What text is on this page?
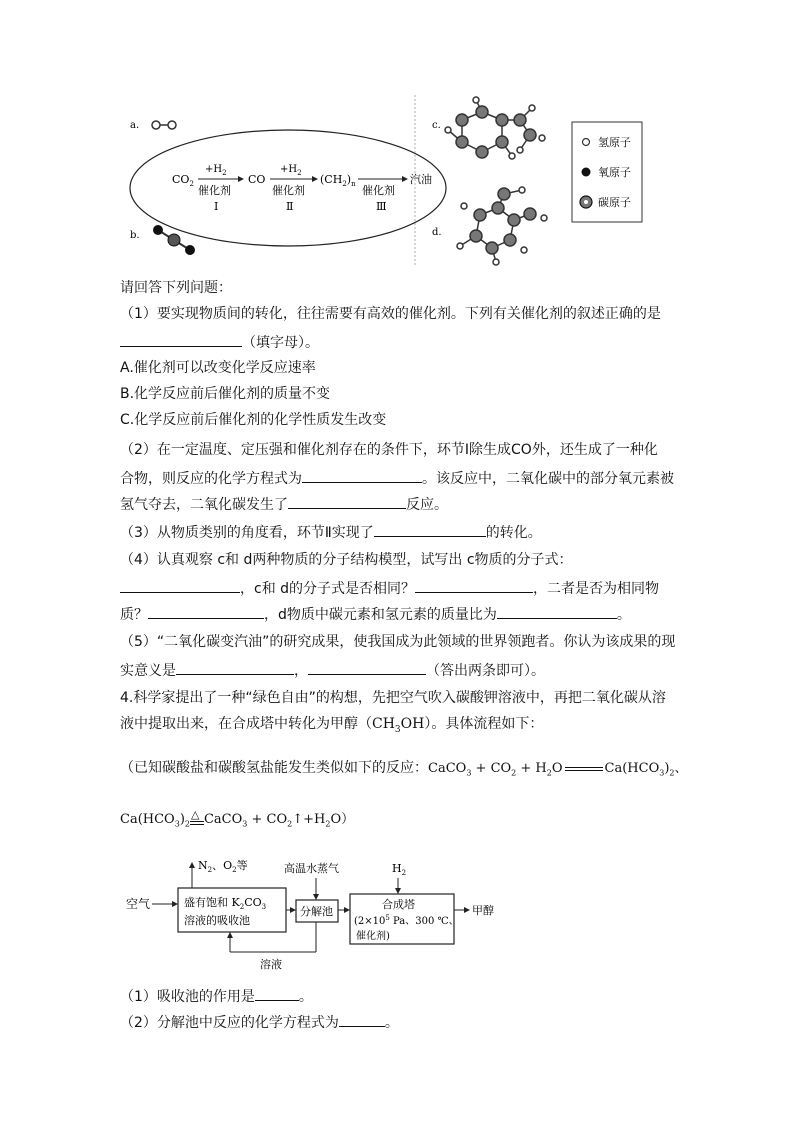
a.
b.
$CO_2$
$+H_2$
催化剂
Ⅰ
CO
$+H_2$
催化剂
Ⅱ
$(CH_2)_n$ 催化剂
Ⅲ
汽油
c.
d.
氢原子
氧原子
碳原子
请回答下列问题：
（1）要实现物质间的转化，往往需要有高效的催化剂。下列有关催化剂的叙述正确的是
（填字母）。
A.催化剂可以改变化学反应速率
B.化学反应前后催化剂的质量不变
C.化学反应前后催化剂的化学性质发生改变
（2）在一定温度、定压强和催化剂存在的条件下，环节Ⅰ除生成CO外，还生成了一种化
合物，则反应的化学方程式为	。该反应中，二氧化碳中的部分氧元素被
氢气夺去，二氧化碳发生了	反应。
（3）从物质类别的角度看，环节Ⅱ实现了	的转化。
（4）认真观察 c和 d两种物质的分子结构模型，试写出 c物质的分子式：
，c和 d的分子式是否相同？	，二者是否为相同物
质？	，d物质中碳元素和氢元素的质量比为	。
（5）“二氧化碳变汽油”的研究成果，使我国成为此领域的世界领跑者。你认为该成果的现
实意义是	，	（答出两条即可）。
4.科学家提出了一种“绿色自由”的构想，先把空气吹入碳酸钾溶液中，再把二氧化碳从溶
液中提取出来，在合成塔中转化为甲醇$(CH_3OH)$。具体流程如下：
（已知碳酸盐和碳酸氢盐能发生类似如下的反应：CaCO$_3$ + $CO_2 + H_2O$	$Ca(HCO_3)_2$、
$Ca(HCO_3)_2$
△ CaCO$_3$ + $CO_2↑+H_2O$）
空气
$N_2$、$O_2$等
盛有饱和 $K_2CO_3$
溶液的吸收池
高温水蒸气
分解池
溶液
$H_2$
合成塔
($2\times 10^5$ Pa、300 ℃、
催化剂)
甲醇
（1）吸收池的作用是	。
（2）分解池中反应的化学方程式为	。
